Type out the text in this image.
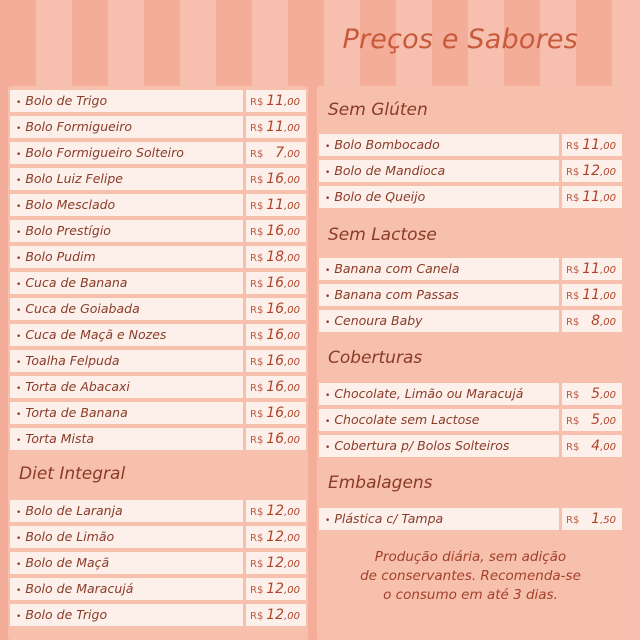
Preços e Sabores
• Bolo de Trigo	R$ 11,00
• Bolo Formigueiro	R$ 11,00
• Bolo Formigueiro Solteiro	R$ 7,00
• Bolo Luiz Felipe	R$ 16,00
• Bolo Mesclado	R$ 11,00
• Bolo Prestígio	R$ 16,00
• Bolo Pudim	R$ 18,00
• Cuca de Banana	R$ 16,00
• Cuca de Goiabada	R$ 16,00
• Cuca de Maçã e Nozes	R$ 16,00
• Toalha Felpuda	R$ 16,00
• Torta de Abacaxi	R$ 16,00
• Torta de Banana	R$ 16,00
• Torta Mista	R$ 16,00
Diet Integral
• Bolo de Laranja	R$ 12,00
• Bolo de Limão	R$ 12,00
• Bolo de Maçã	R$ 12,00
• Bolo de Maracujá	R$ 12,00
• Bolo de Trigo	R$ 12,00
Sem Glúten
• Bolo Bombocado	R$ 11,00
• Bolo de Mandioca	R$ 12,00
• Bolo de Queijo	R$ 11,00
Sem Lactose
• Banana com Canela	R$ 11,00
• Banana com Passas	R$ 11,00
• Cenoura Baby	R$ 8,00
Coberturas
• Chocolate, Limão ou Maracujá	R$ 5,00
• Chocolate sem Lactose	R$ 5,00
• Cobertura p/ Bolos Solteiros	R$ 4,00
Embalagens
• Plástica c/ Tampa	R$ 1,50
Produção diária, sem adição
de conservantes. Recomenda-se
o consumo em até 3 dias.
